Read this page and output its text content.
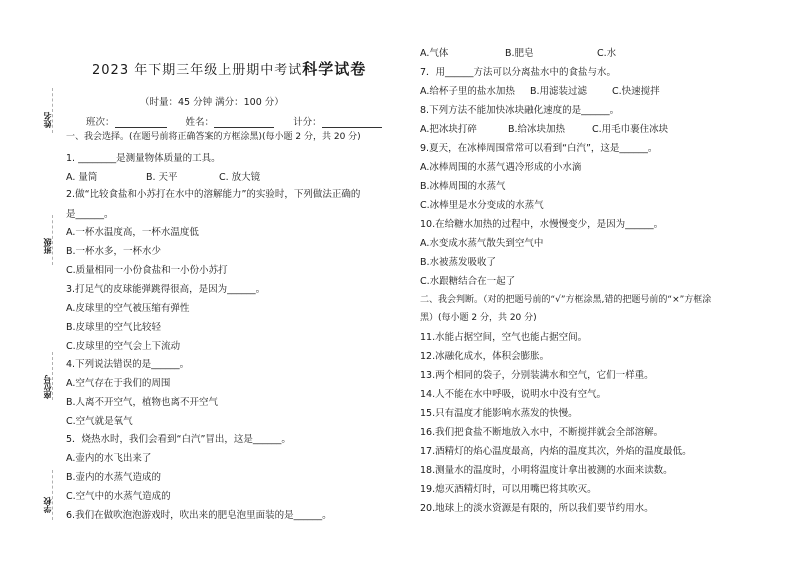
姓名
班级
座位号
学校
2023 年下期三年级上册期中考试科学试卷
（时量：45 分钟 满分：100 分）
班次：	姓名：	计分：
一、我会选择。(在题号前将正确答案的方框涂黑)(每小题 2 分，共 20 分)
1. ________是测量物体质量的工具。
A. 量筒	B. 天平	C. 放大镜
2.做“比较食盐和小苏打在水中的溶解能力”的实验时，下列做法正确的
是______。
A.一杯水温度高，一杯水温度低
B.一杯水多，一杯水少
C.质量相同一小份食盐和一小份小苏打
3.打足气的皮球能弹跳得很高，是因为______。
A.皮球里的空气被压缩有弹性
B.皮球里的空气比较轻
C.皮球里的空气会上下流动
4.下列说法错误的是______。
A.空气存在于我们的周围
B.人离不开空气，植物也离不开空气
C.空气就是氧气
5．烧热水时，我们会看到“白汽”冒出，这是______。
A.壶内的水飞出来了
B.壶内的水蒸气造成的
C.空气中的水蒸气造成的
6.我们在做吹泡泡游戏时，吹出来的肥皂泡里面装的是______。
A.气体	B.肥皂	C.水
7．用______方法可以分离盐水中的食盐与水。
A.给杯子里的盐水加热 B.用滤装过滤	C.快速搅拌
8.下列方法不能加快冰块融化速度的是______。
A.把冰块打碎	B.给冰块加热	C.用毛巾裹住冰块
9.夏天，在冰棒周围常常可以看到“白汽”，这是______。
A.冰棒周围的水蒸气遇冷形成的小水滴
B.冰棒周围的水蒸气
C.冰棒里是水分变成的水蒸气
10.在给糖水加热的过程中，水慢慢变少，是因为______。
A.水变成水蒸气散失到空气中
B.水被蒸发吸收了
C.水跟糖结合在一起了
二、我会判断。（对的把题号前的“√”方框涂黑,错的把题号前的“×”方框涂
黑）(每小题 2 分，共 20 分)
11.水能占据空间，空气也能占据空间。
12.冰融化成水，体积会膨胀。
13.两个相同的袋子，分别装满水和空气，它们一样重。
14.人不能在水中呼吸，说明水中没有空气。
15.只有温度才能影响水蒸发的快慢。
16.我们把食盐不断地放入水中，不断搅拌就会全部溶解。
17.酒精灯的焰心温度最高，内焰的温度其次，外焰的温度最低。
18.测量水的温度时，小明将温度计拿出被测的水面来读数。
19.熄灭酒精灯时，可以用嘴巴将其吹灭。
20.地球上的淡水资源是有限的，所以我们要节约用水。
